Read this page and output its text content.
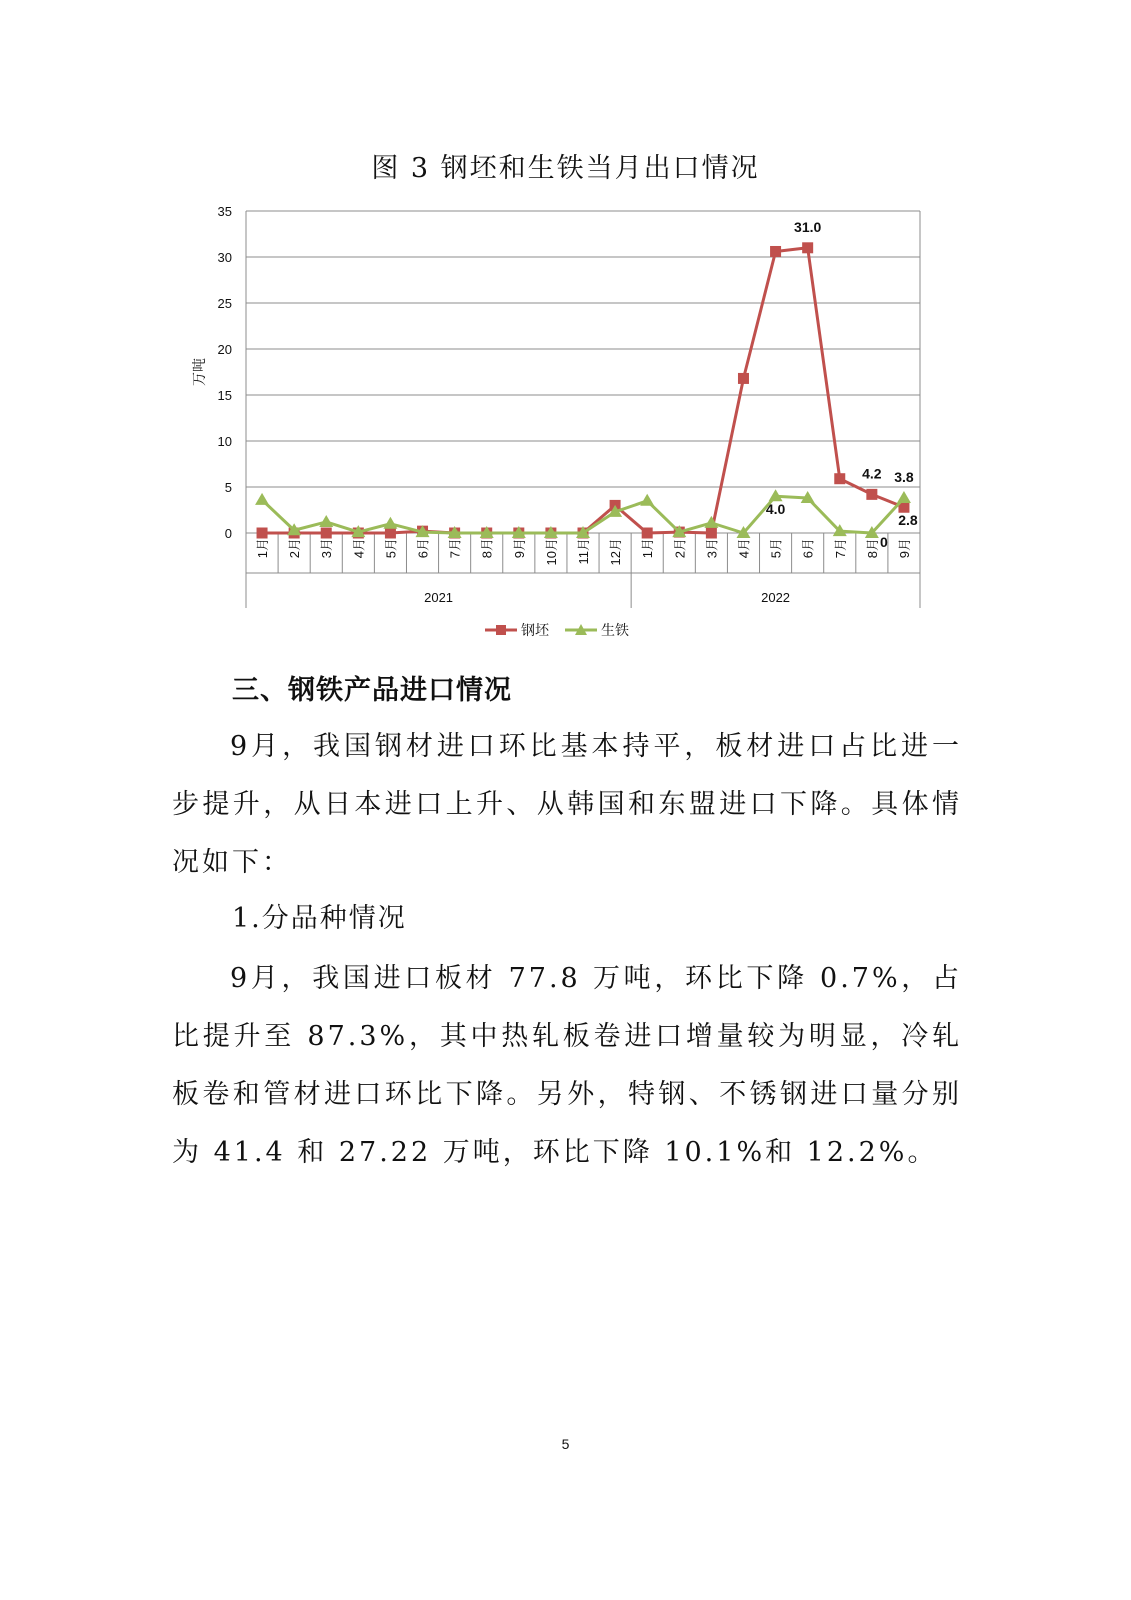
图 3 钢坯和生铁当月出口情况
0
5
10
15
20
25
30
35
1月 2月 3月 4月 5月 6月 7月 8月 9月 10月 11月 12月 1月 2月 3月 4月 5月 6月 7月 8月 9月
2021	2022
万吨
31.0
4.2 3.8
4.0
0
2.8
钢坯	生铁
三、钢铁产品进口情况

9月，我国钢材进口环比基本持平，板材进口占比进一步提升，从日本进口上升、从韩国和东盟进口下降。具体情况如下：

1.分品种情况

9月，我国进口板材 77.8 万吨，环比下降 0.7%，占比提升至 87.3%，其中热轧板卷进口增量较为明显，冷轧板卷和管材进口环比下降。另外，特钢、不锈钢进口量分别为 41.4 和 27.22 万吨，环比下降 10.1%和 12.2%。

5
